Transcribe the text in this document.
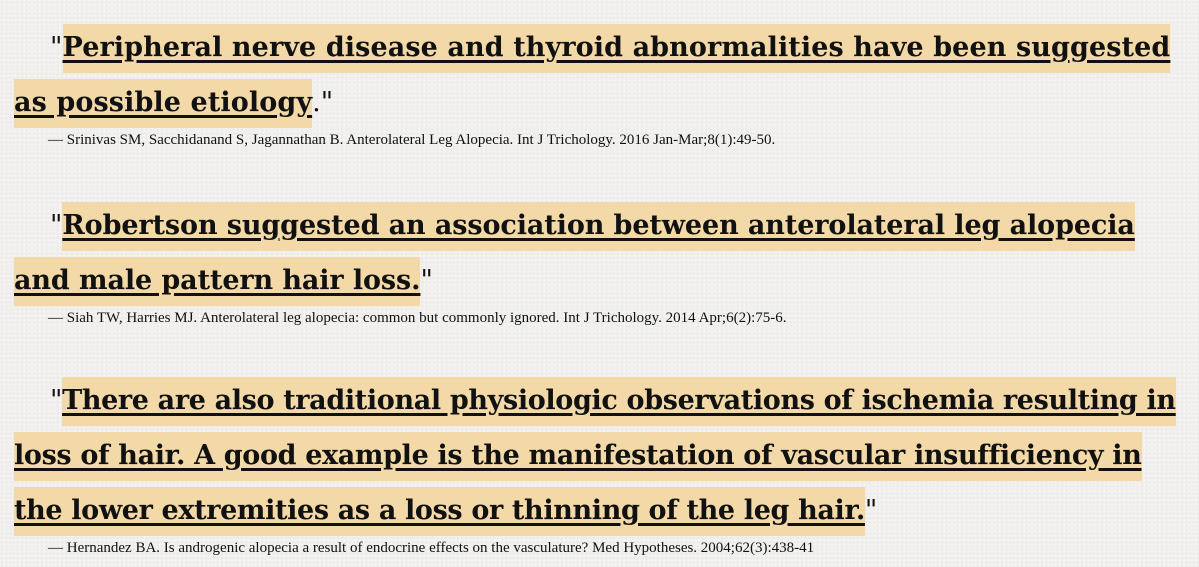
"Peripheral nerve disease and thyroid abnormalities have been suggested as possible etiology."

— Srinivas SM, Sacchidanand S, Jagannathan B. Anterolateral Leg Alopecia. Int J Trichology. 2016 Jan-Mar;8(1):49-50.

"Robertson suggested an association between anterolateral leg alopecia and male pattern hair loss."

— Siah TW, Harries MJ. Anterolateral leg alopecia: common but commonly ignored. Int J Trichology. 2014 Apr;6(2):75-6.

"There are also traditional physiologic observations of ischemia resulting in loss of hair. A good example is the manifestation of vascular insufficiency in the lower extremities as a loss or thinning of the leg hair."

— Hernandez BA. Is androgenic alopecia a result of endocrine effects on the vasculature? Med Hypotheses. 2004;62(3):438-41
